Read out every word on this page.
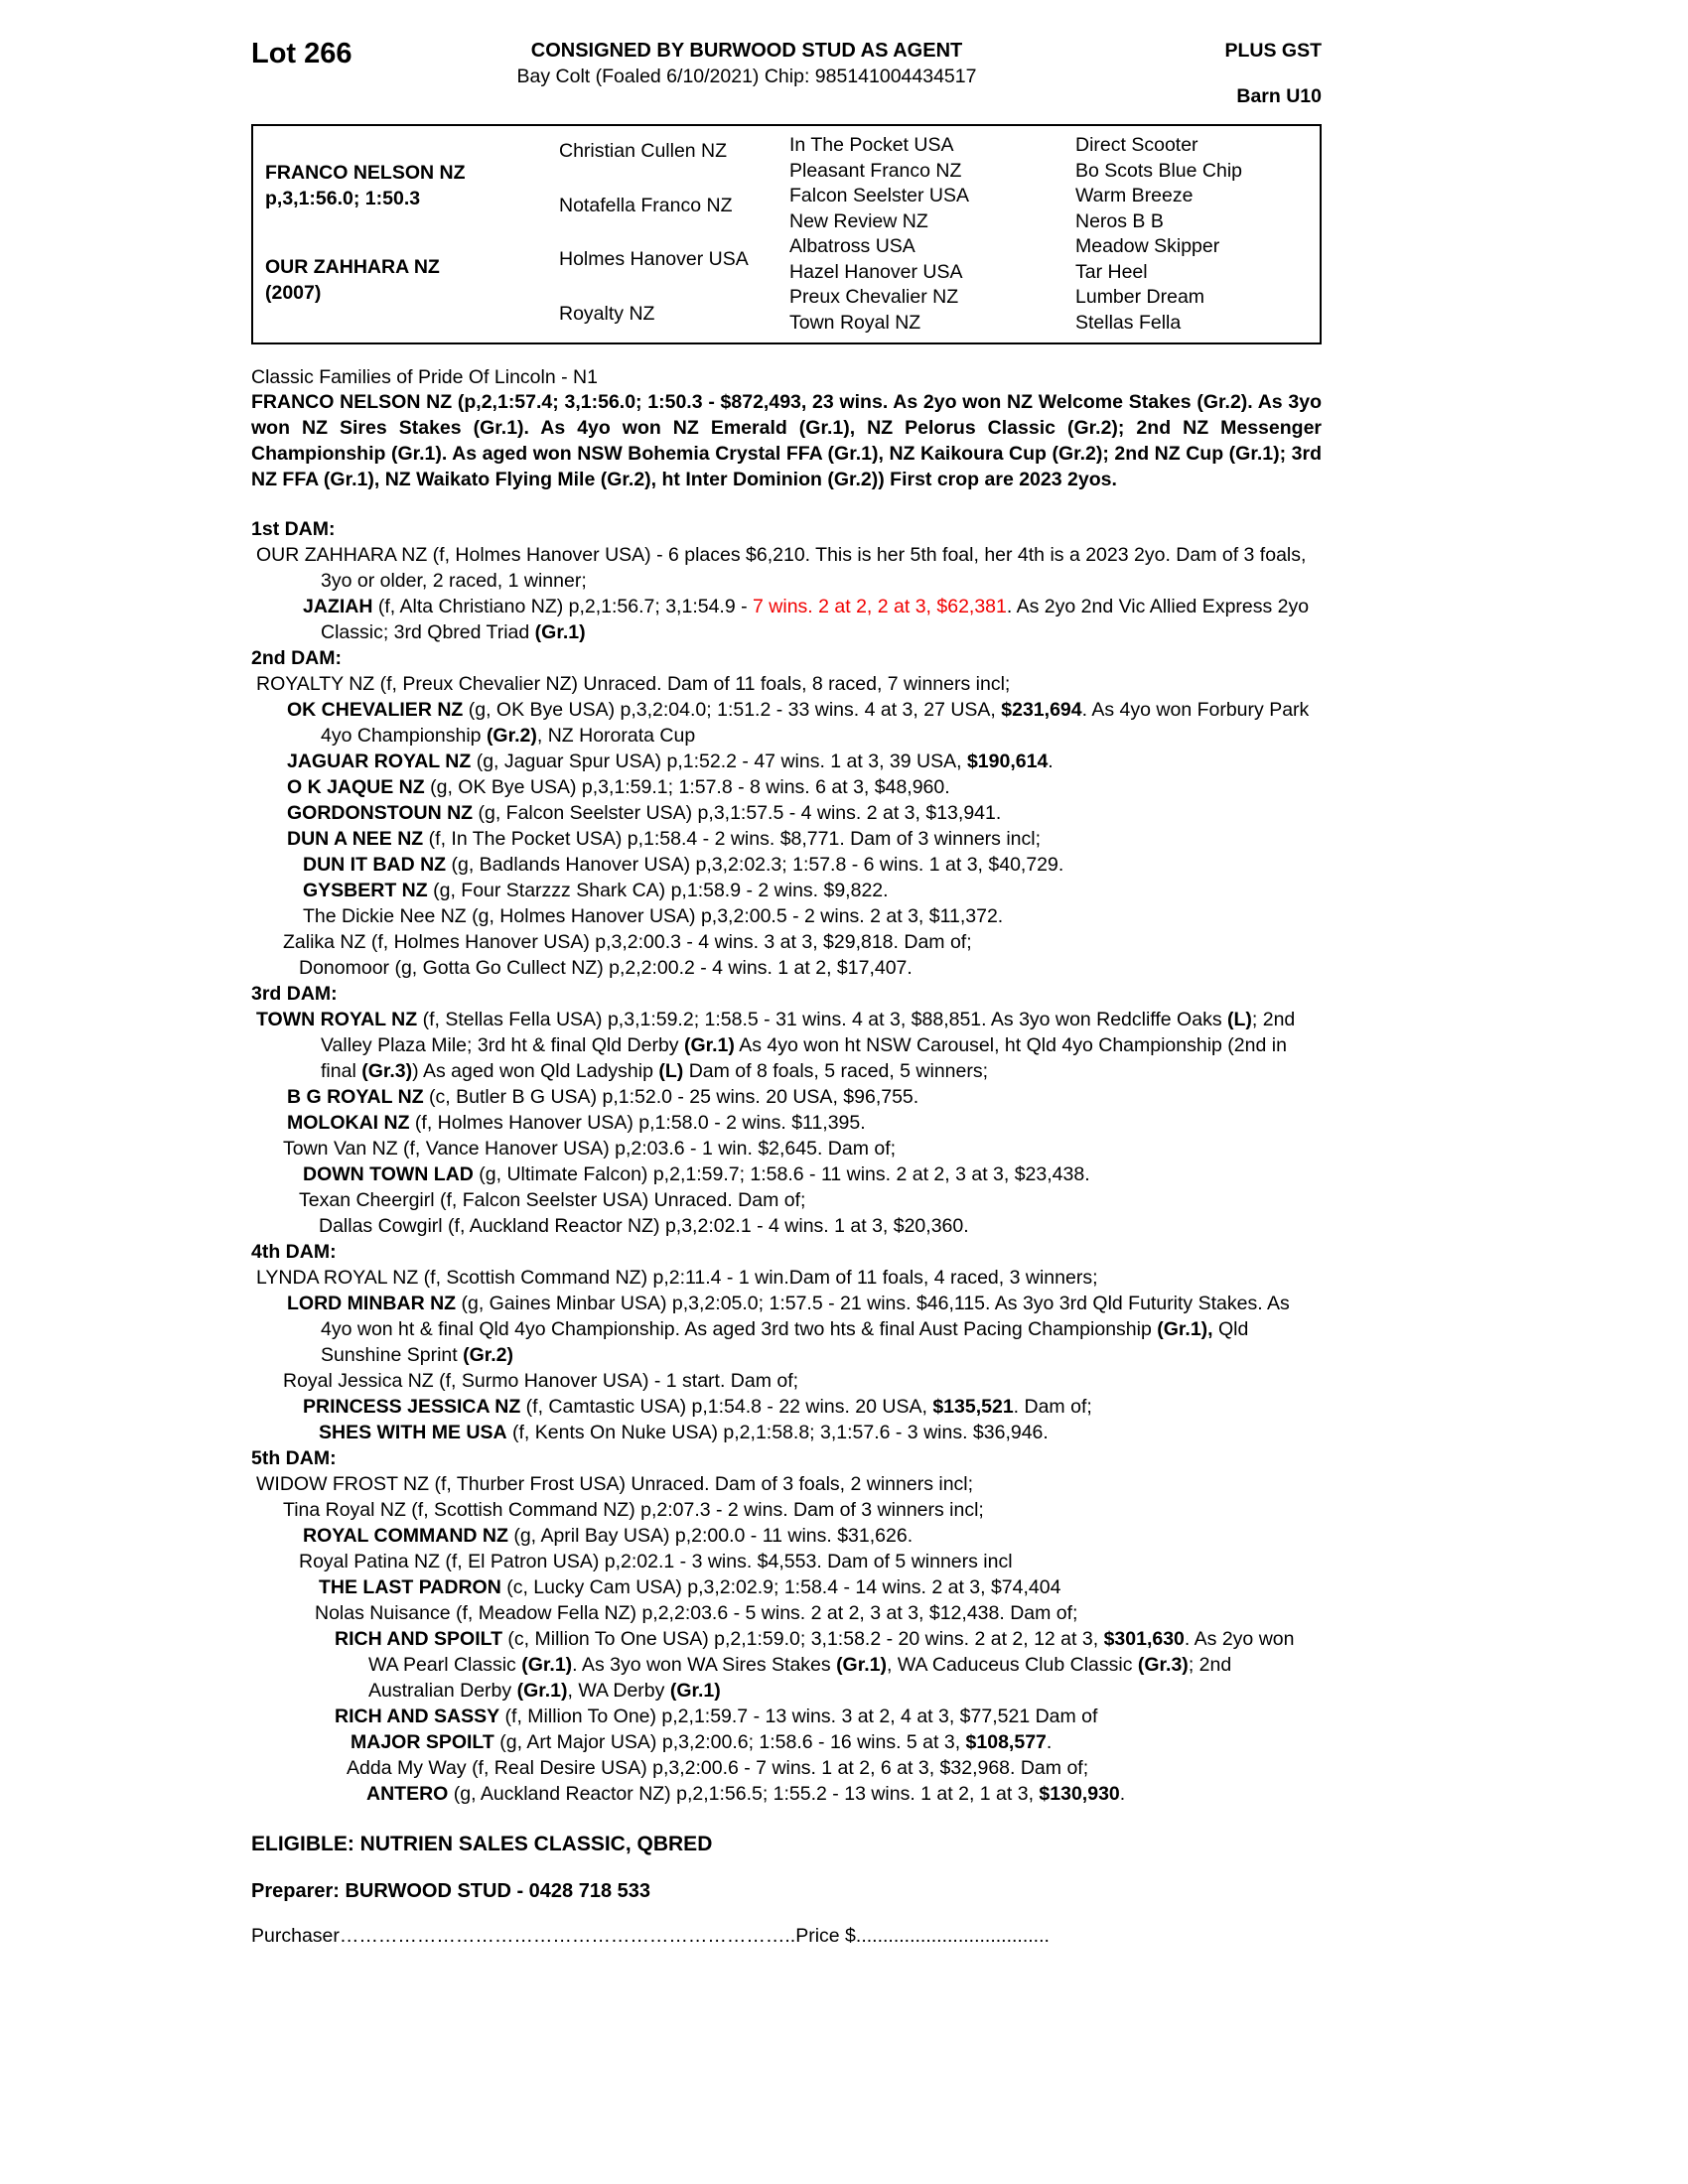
Lot 266	CONSIGNED BY BURWOOD STUD AS AGENT
Bay Colt (Foaled 6/10/2021) Chip: 985141004434517
PLUS GST
Barn U10
FRANCO NELSON NZ
p,3,1:56.0; 1:50.3
OUR ZAHHARA NZ
(2007)
Christian Cullen NZ
Notafella Franco NZ
Holmes Hanover USA
Royalty NZ
In The Pocket USA
Pleasant Franco NZ
Falcon Seelster USA
New Review NZ
Albatross USA
Hazel Hanover USA
Preux Chevalier NZ
Town Royal NZ
Direct Scooter
Bo Scots Blue Chip
Warm Breeze
Neros B B
Meadow Skipper
Tar Heel
Lumber Dream
Stellas Fella
Classic Families of Pride Of Lincoln - N1

FRANCO NELSON NZ (p,2,1:57.4; 3,1:56.0; 1:50.3 - $872,493, 23 wins. As 2yo won NZ Welcome Stakes (Gr.2). As 3yo won NZ Sires Stakes (Gr.1). As 4yo won NZ Emerald (Gr.1), NZ Pelorus Classic (Gr.2); 2nd NZ Messenger Championship (Gr.1). As aged won NSW Bohemia Crystal FFA (Gr.1), NZ Kaikoura Cup (Gr.2); 2nd NZ Cup (Gr.1); 3rd NZ FFA (Gr.1), NZ Waikato Flying Mile (Gr.2), ht Inter Dominion (Gr.2)) First crop are 2023 2yos.

1st DAM:

OUR ZAHHARA NZ (f, Holmes Hanover USA) - 6 places $6,210. This is her 5th foal, her 4th is a 2023 2yo. Dam of 3 foals, 3yo or older, 2 raced, 1 winner;

JAZIAH (f, Alta Christiano NZ) p,2,1:56.7; 3,1:54.9 - 7 wins. 2 at 2, 2 at 3, $62,381. As 2yo 2nd Vic Allied Express 2yo Classic; 3rd Qbred Triad (Gr.1)

2nd DAM:

ROYALTY NZ (f, Preux Chevalier NZ) Unraced. Dam of 11 foals, 8 raced, 7 winners incl;

OK CHEVALIER NZ (g, OK Bye USA) p,3,2:04.0; 1:51.2 - 33 wins. 4 at 3, 27 USA, $231,694. As 4yo won Forbury Park 4yo Championship (Gr.2), NZ Hororata Cup

JAGUAR ROYAL NZ (g, Jaguar Spur USA) p,1:52.2 - 47 wins. 1 at 3, 39 USA, $190,614.

O K JAQUE NZ (g, OK Bye USA) p,3,1:59.1; 1:57.8 - 8 wins. 6 at 3, $48,960.

GORDONSTOUN NZ (g, Falcon Seelster USA) p,3,1:57.5 - 4 wins. 2 at 3, $13,941.

DUN A NEE NZ (f, In The Pocket USA) p,1:58.4 - 2 wins. $8,771. Dam of 3 winners incl;

DUN IT BAD NZ (g, Badlands Hanover USA) p,3,2:02.3; 1:57.8 - 6 wins. 1 at 3, $40,729.

GYSBERT NZ (g, Four Starzzz Shark CA) p,1:58.9 - 2 wins. $9,822.

The Dickie Nee NZ (g, Holmes Hanover USA) p,3,2:00.5 - 2 wins. 2 at 3, $11,372.

Zalika NZ (f, Holmes Hanover USA) p,3,2:00.3 - 4 wins. 3 at 3, $29,818. Dam of;

Donomoor (g, Gotta Go Cullect NZ) p,2,2:00.2 - 4 wins. 1 at 2, $17,407.

3rd DAM:

TOWN ROYAL NZ (f, Stellas Fella USA) p,3,1:59.2; 1:58.5 - 31 wins. 4 at 3, $88,851. As 3yo won Redcliffe Oaks (L); 2nd Valley Plaza Mile; 3rd ht & final Qld Derby (Gr.1) As 4yo won ht NSW Carousel, ht Qld 4yo Championship (2nd in final (Gr.3)) As aged won Qld Ladyship (L) Dam of 8 foals, 5 raced, 5 winners;

B G ROYAL NZ (c, Butler B G USA) p,1:52.0 - 25 wins. 20 USA, $96,755.

MOLOKAI NZ (f, Holmes Hanover USA) p,1:58.0 - 2 wins. $11,395.

Town Van NZ (f, Vance Hanover USA) p,2:03.6 - 1 win. $2,645. Dam of;

DOWN TOWN LAD (g, Ultimate Falcon) p,2,1:59.7; 1:58.6 - 11 wins. 2 at 2, 3 at 3, $23,438.

Texan Cheergirl (f, Falcon Seelster USA) Unraced. Dam of;

Dallas Cowgirl (f, Auckland Reactor NZ) p,3,2:02.1 - 4 wins. 1 at 3, $20,360.

4th DAM:

LYNDA ROYAL NZ (f, Scottish Command NZ) p,2:11.4 - 1 win.Dam of 11 foals, 4 raced, 3 winners;

LORD MINBAR NZ (g, Gaines Minbar USA) p,3,2:05.0; 1:57.5 - 21 wins. $46,115. As 3yo 3rd Qld Futurity Stakes. As 4yo won ht & final Qld 4yo Championship. As aged 3rd two hts & final Aust Pacing Championship (Gr.1), Qld Sunshine Sprint (Gr.2)

Royal Jessica NZ (f, Surmo Hanover USA) - 1 start. Dam of;

PRINCESS JESSICA NZ (f, Camtastic USA) p,1:54.8 - 22 wins. 20 USA, $135,521. Dam of;

SHES WITH ME USA (f, Kents On Nuke USA) p,2,1:58.8; 3,1:57.6 - 3 wins. $36,946.

5th DAM:

WIDOW FROST NZ (f, Thurber Frost USA) Unraced. Dam of 3 foals, 2 winners incl;

Tina Royal NZ (f, Scottish Command NZ) p,2:07.3 - 2 wins. Dam of 3 winners incl;

ROYAL COMMAND NZ (g, April Bay USA) p,2:00.0 - 11 wins. $31,626.

Royal Patina NZ (f, El Patron USA) p,2:02.1 - 3 wins. $4,553. Dam of 5 winners incl

THE LAST PADRON (c, Lucky Cam USA) p,3,2:02.9; 1:58.4 - 14 wins. 2 at 3, $74,404

Nolas Nuisance (f, Meadow Fella NZ) p,2,2:03.6 - 5 wins. 2 at 2, 3 at 3, $12,438. Dam of;

RICH AND SPOILT (c, Million To One USA) p,2,1:59.0; 3,1:58.2 - 20 wins. 2 at 2, 12 at 3, $301,630. As 2yo won WA Pearl Classic (Gr.1). As 3yo won WA Sires Stakes (Gr.1), WA Caduceus Club Classic (Gr.3); 2nd Australian Derby (Gr.1), WA Derby (Gr.1)

RICH AND SASSY (f, Million To One) p,2,1:59.7 - 13 wins. 3 at 2, 4 at 3, $77,521 Dam of

MAJOR SPOILT (g, Art Major USA) p,3,2:00.6; 1:58.6 - 16 wins. 5 at 3, $108,577.

Adda My Way (f, Real Desire USA) p,3,2:00.6 - 7 wins. 1 at 2, 6 at 3, $32,968. Dam of;

ANTERO (g, Auckland Reactor NZ) p,2,1:56.5; 1:55.2 - 13 wins. 1 at 2, 1 at 3, $130,930.

ELIGIBLE: NUTRIEN SALES CLASSIC, QBRED
Preparer: BURWOOD STUD - 0428 718 533
Purchaser……………………………………………………………..Price $....................................
